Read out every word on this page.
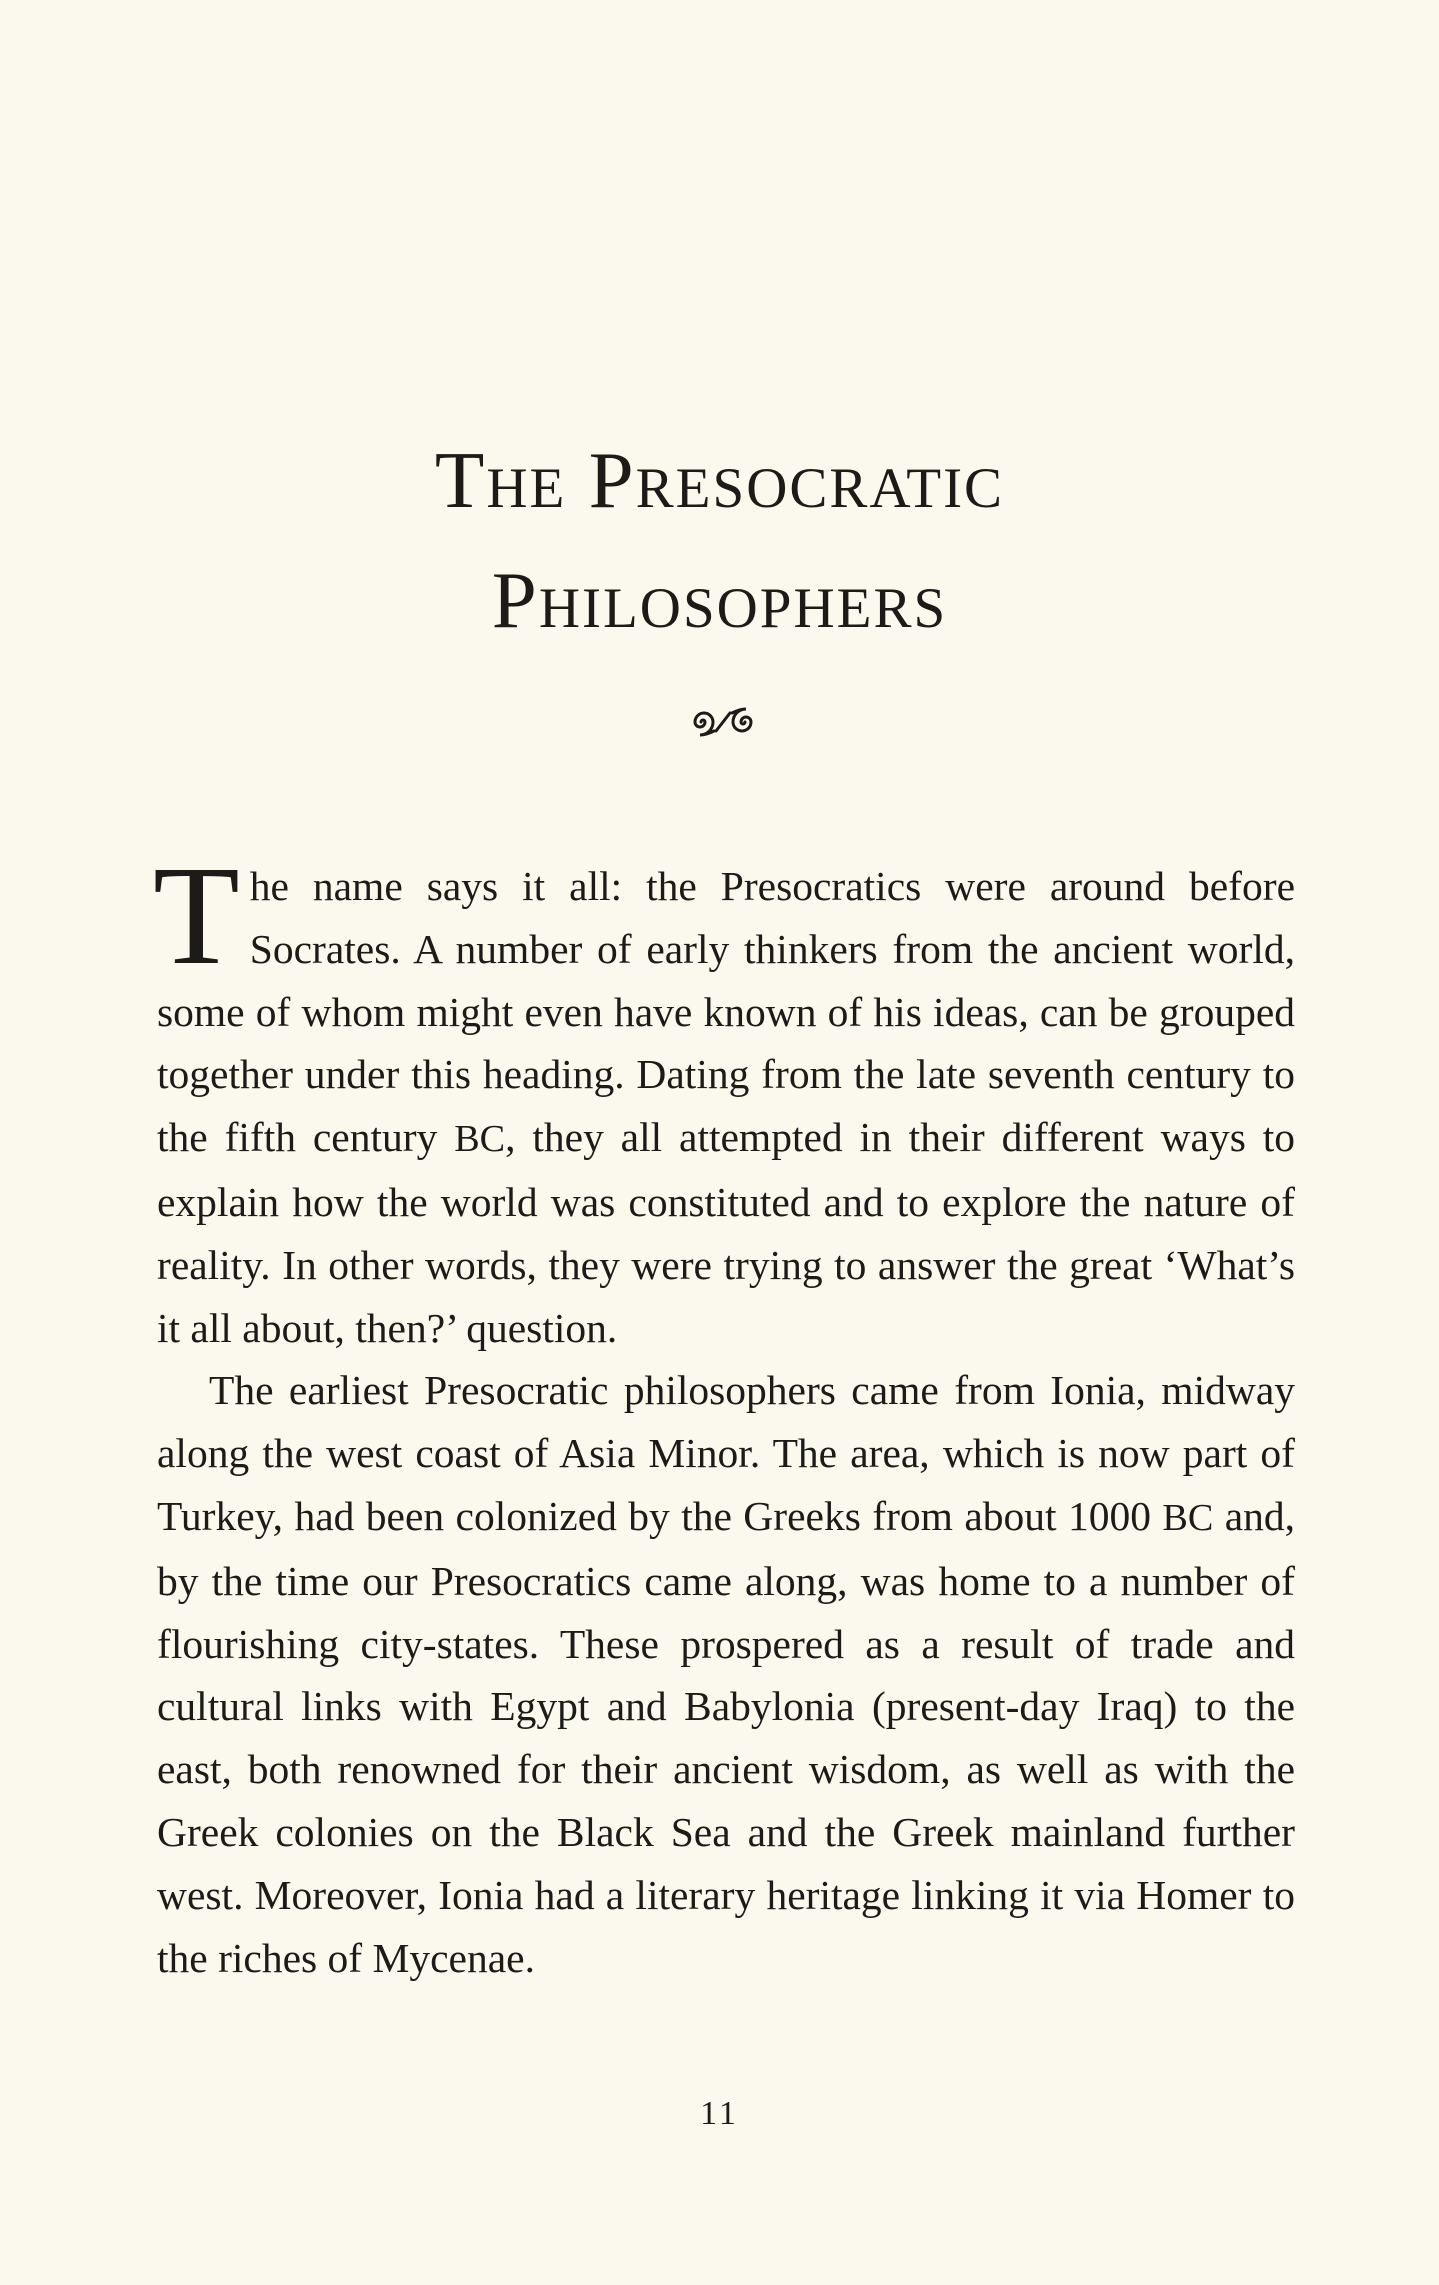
The Presocratic
Philosophers

The name says it all: the Presocratics were around before Socrates. A number of early thinkers from the ancient world, some of whom might even have known of his ideas, can be grouped together under this heading. Dating from the late seventh century to the fifth century BC, they all attempted in their different ways to explain how the world was constituted and to explore the nature of reality. In other words, they were trying to answer the great ‘What’s it all about, then?’ question.

The earliest Presocratic philosophers came from Ionia, midway along the west coast of Asia Minor. The area, which is now part of Turkey, had been colonized by the Greeks from about 1000 BC and, by the time our Presocratics came along, was home to a number of flourishing city-states. These prospered as a result of trade and cultural links with Egypt and Babylonia (present-day Iraq) to the east, both renowned for their ancient wisdom, as well as with the Greek colonies on the Black Sea and the Greek mainland further west. Moreover, Ionia had a literary heritage linking it via Homer to the riches of Mycenae.

11
